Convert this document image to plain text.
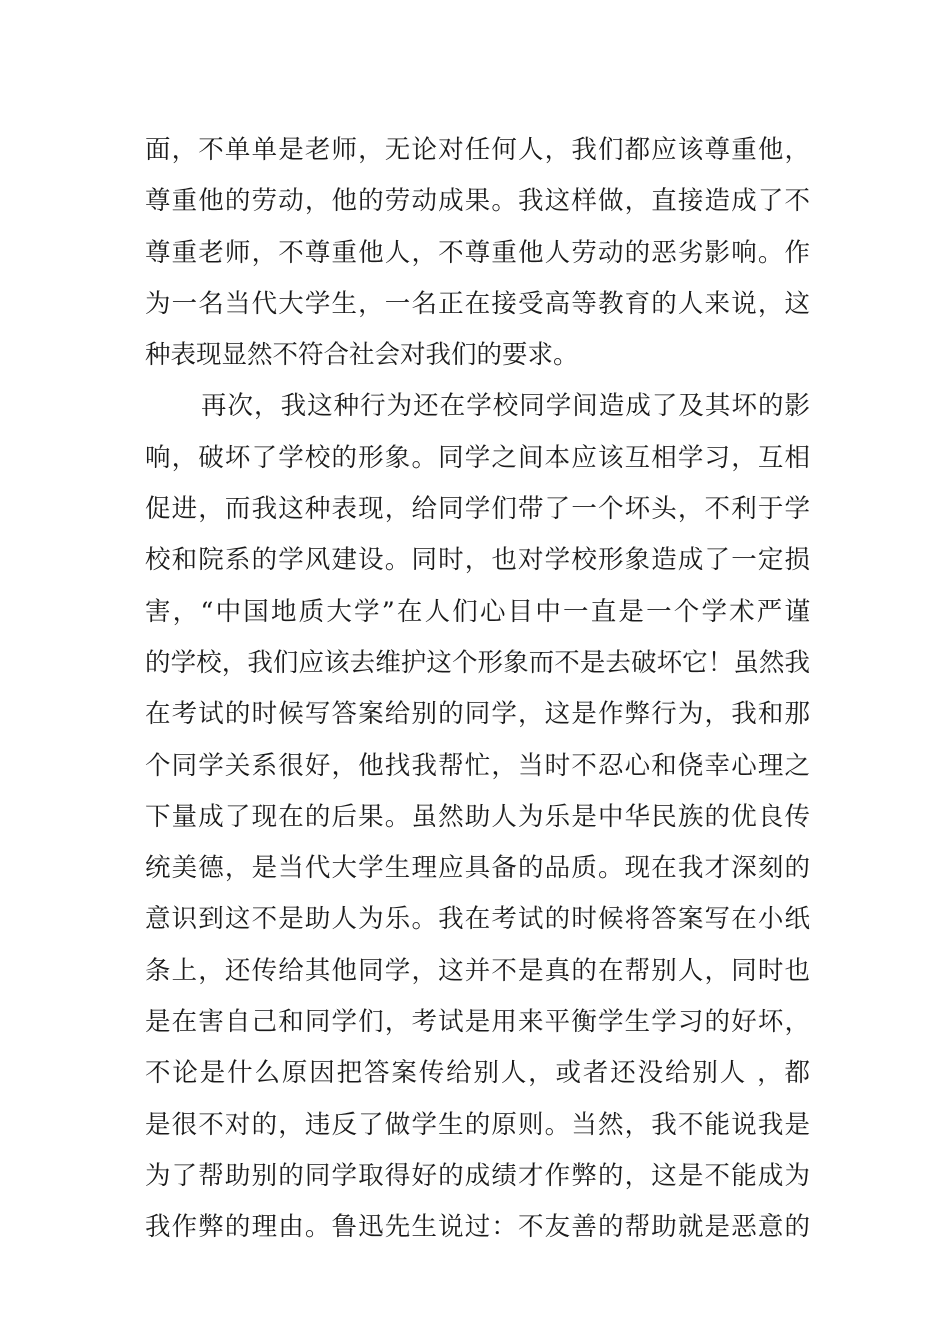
面，不单单是老师，无论对任何人，我们都应该尊重他，
尊重他的劳动，他的劳动成果。我这样做，直接造成了不
尊重老师，不尊重他人，不尊重他人劳动的恶劣影响。作
为一名当代大学生，一名正在接受高等教育的人来说，这
种表现显然不符合社会对我们的要求。
再次，我这种行为还在学校同学间造成了及其坏的影
响，破坏了学校的形象。同学之间本应该互相学习，互相
促进，而我这种表现，给同学们带了一个坏头，不利于学
校和院系的学风建设。同时，也对学校形象造成了一定损
害，“中国地质大学”在人们心目中一直是一个学术严谨
的学校，我们应该去维护这个形象而不是去破坏它！虽然我
在考试的时候写答案给别的同学，这是作弊行为，我和那
个同学关系很好，他找我帮忙，当时不忍心和侥幸心理之
下量成了现在的后果。虽然助人为乐是中华民族的优良传
统美德，是当代大学生理应具备的品质。现在我才深刻的
意识到这不是助人为乐。我在考试的时候将答案写在小纸
条上，还传给其他同学，这并不是真的在帮别人，同时也
是在害自己和同学们，考试是用来平衡学生学习的好坏，
不论是什么原因把答案传给别人，或者还没给别人 ，都
是很不对的，违反了做学生的原则。当然，我不能说我是
为了帮助别的同学取得好的成绩才作弊的，这是不能成为
我作弊的理由。鲁迅先生说过：不友善的帮助就是恶意的
